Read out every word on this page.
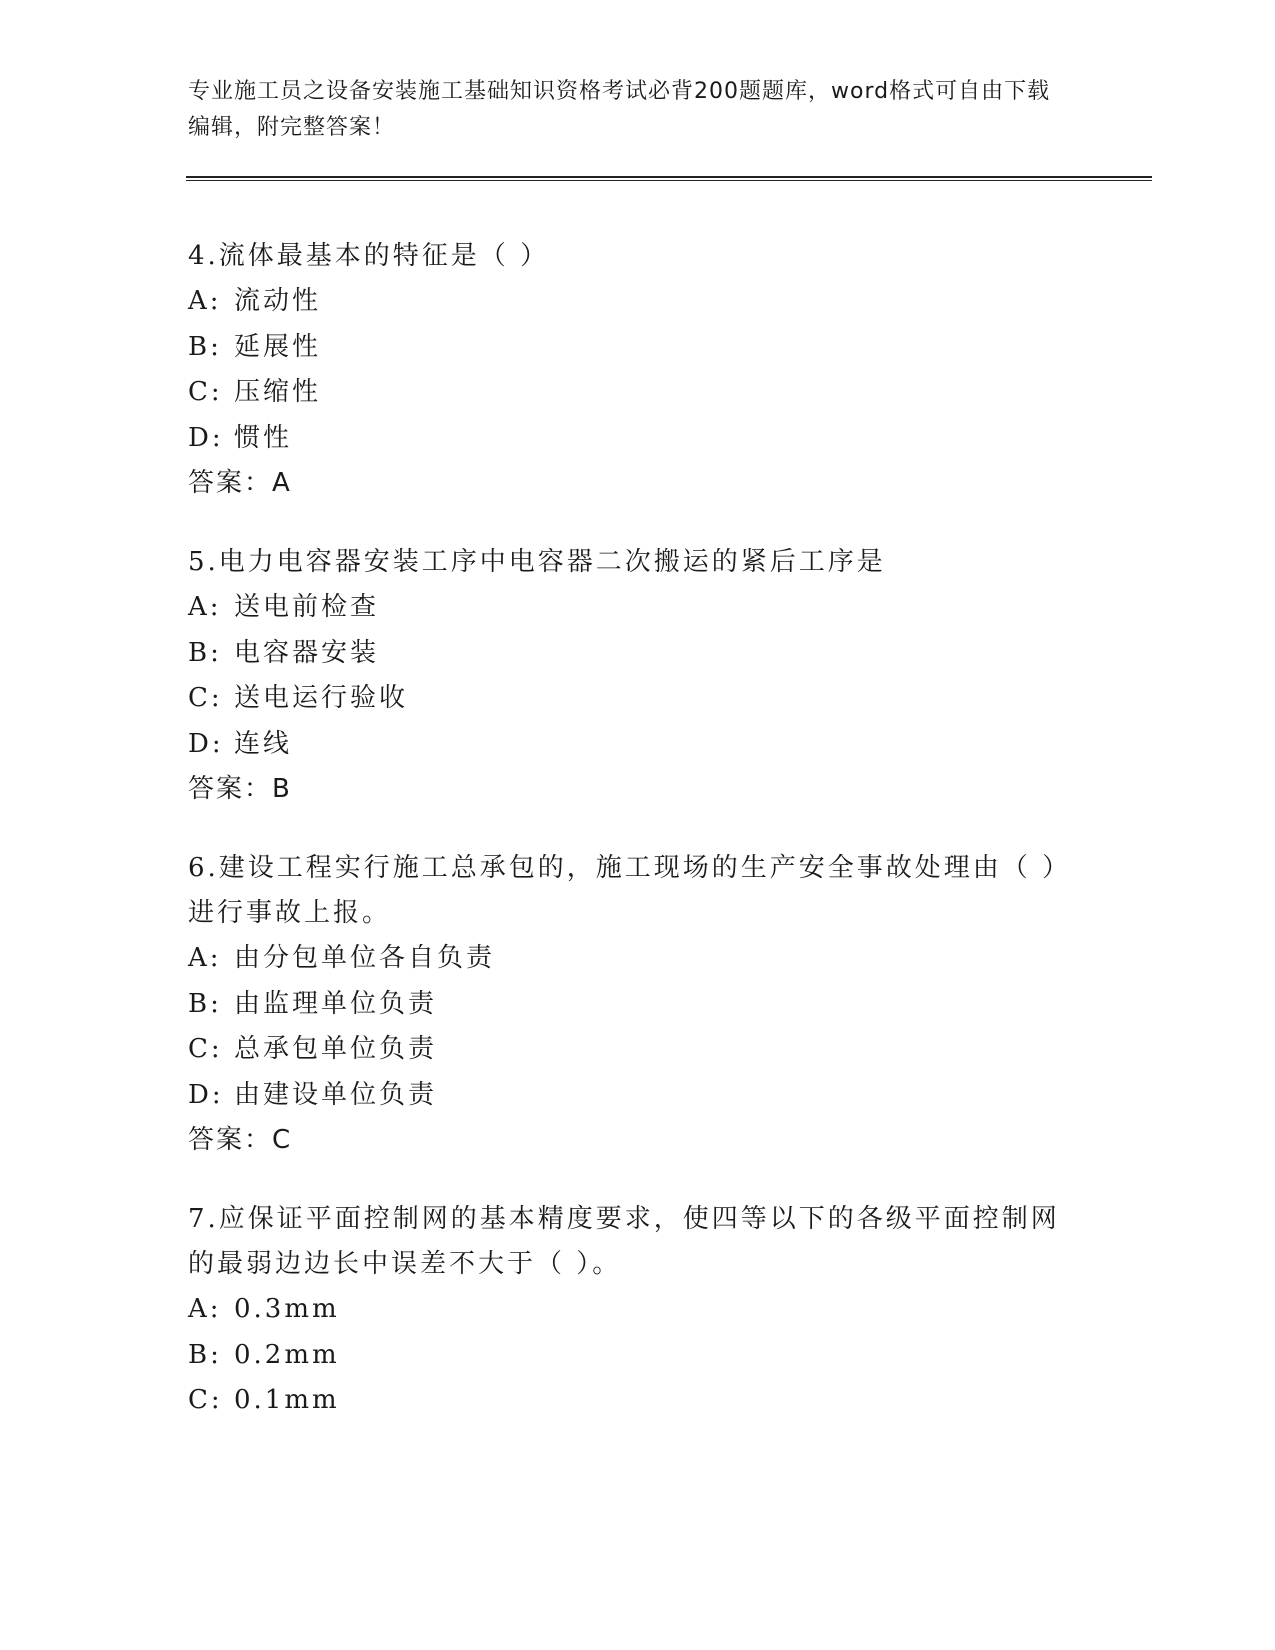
专业施工员之设备安装施工基础知识资格考试必背200题题库，word格式可自由下载编辑，附完整答案！

4.流体最基本的特征是（ ）

A: 流动性
B: 延展性
C: 压缩性
D: 惯性
答案：A

5.电力电容器安装工序中电容器二次搬运的紧后工序是

A: 送电前检查
B: 电容器安装
C: 送电运行验收
D: 连线
答案：B

6.建设工程实行施工总承包的，施工现场的生产安全事故处理由（ ）进行事故上报。

A: 由分包单位各自负责
B: 由监理单位负责
C: 总承包单位负责
D: 由建设单位负责
答案：C

7.应保证平面控制网的基本精度要求，使四等以下的各级平面控制网的最弱边边长中误差不大于（ ）。

A: 0.3mm
B: 0.2mm
C: 0.1mm
